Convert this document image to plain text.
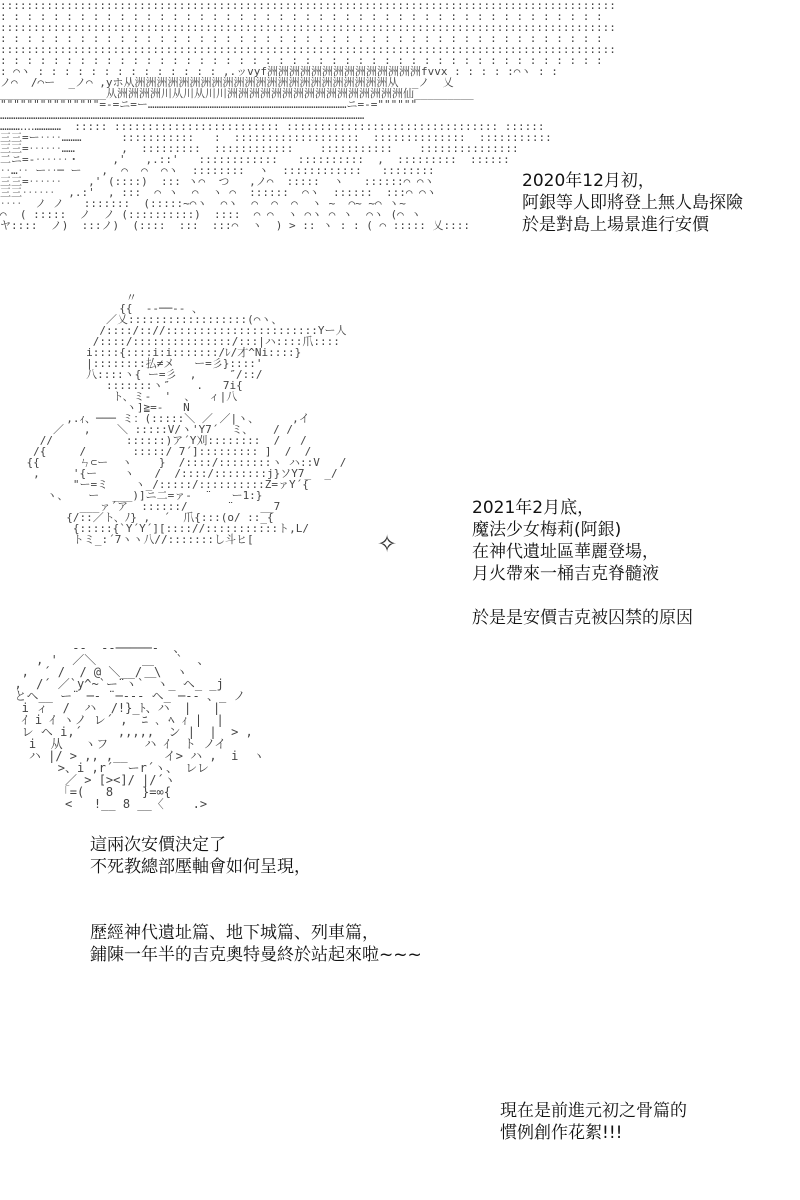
:::::::::::::::::::::::::::::::::::::::::::::::::::::::::::::::::::::::::::::::::::::::::::::
: : : : : : : : : : : : : : : : : : : : : : : : : : : : : : : : : : : : : : : : : : : : : :
:::::::::::::::::::::::::::::::::::::::::::::::::::::::::::::::::::::::::::::::::::::::::::::
: : : : : : : : : : : : : : : : : : : : : : : : : : : : : : : : : : : : : : : : : : : : : :
:::::::::::::::::::::::::::::::::::::::::::::::::::::::::::::::::::::::::::::::::::::::::::::
: : : : : : : : : : : : : : : : : : : : : : : : : : : : : : : : : : : : : : : : : : : : : :
: ⌒ヽ : : : : : : : : : : : : : : ,.ッvyf洲洲洲洲洲洲洲洲洲洲洲洲洲洲fvvx : : : : :⌒ヽ : :
ノ⌒  /⌒ー  _ノ⌒ ,yホ从洲洲洲洲洲洲洲洲洲洲洲洲洲洲洲洲洲洲洲洲洲洲洲从  _ノ  乂
________________从洲洲洲洲川从川从川川洲洲洲洲洲洲洲洲洲洲洲洲洲洲洲洲仙_________
"""""""""""""""=-=ニ=ー………………………………………………………………………………ニ=-=""""""
…………………………………………………………………………………………………………………………………………………
………‥‥…………  ::::: ::::::::::::::::::::::::: :::::::::::::::::::::::::::::::: ::::::
三三=ー‥‥………      :::::::::::   :  :::::::::::::::::::  ::::::::::::::  :::::::::::
三三=‥‥‥……       ,  :::::::::  ::::::::::::    :::::::::::    :::::::::::::::
二ニ=-‥‥‥・     ,'   ,.::'   ::::::::::::   ::::::::::  ,  :::::::::  ::::::
‥…‥ ー‥─ ー   ,  ⌒  ⌒  ⌒ヽ  ::::::::  ヽ  ::::::::::::   ::::::::
三三=‥‥‥    ,' (::::)  ::: ヽ⌒  つ   ,ノ⌒  :::::  ヽ   ::::::⌒ ⌒ヽ
三三‥‥‥  ,.:'  , :::  ⌒ ヽ  ⌒  ヽ ⌒  ::::::  ⌒ヽ  ::::::  :::⌒ ⌒ヽ
‥‥  ノ ノ   :::::::  (:::::~⌒ヽ  ⌒ヽ  ⌒  ⌒  ⌒  ヽ ~  ⌒~ ~⌒ ヽ~
⌒  ( :::::  ノ  ノ (::::::::::)  ::::  ⌒ ⌒  ヽ ⌒ヽ ⌒ ヽ  ⌒ヽ (⌒ ヽ
ヤ::::  ノ)  :::ノ)  (::::  :::  :::⌒  ヽ  ) > :: ヽ : : ( ⌒ ::::: 乂::::
2020年12月初，
阿銀等人即將登上無人島探險
於是對島上場景進行安價
〃
{{  -‐──‐- 、
／乂::::::::::::::::::(⌒ヽ、
/::::/:://:::::::::::::::::::::::Yー人
/::::/:::::::::::::::/:::|ハ::::爪::::
i::::{::::i:i:::::::/ﾚ/才^Ni::::}
|::::::::払≠メ   ー=彡}::::'
八::::ヽ{ ー=彡  ,     ″/::/
:::::::ヽ″    .   7i{
ト、ミ-  '  、  ィ|八
ヽ]≧=-   N
,.ｨ、─── ミ：(:::::＼ ／ ／|ヽ、     ,イ
／   ,    ＼ :::::V/ヽ'Y7´  ミ、   / /
//           ::::::)ア´Y刈::::::::  /   /
/{     /       :::::/ 7´]::::::::: ]  /  /
{{      ㄣ⊂ー  ヽ    }  /::::/::::::::ヽ ハ::V   /
,     '{ー    ヽ   /  /::::/::::::::j}ソY7_  _/
"ー=ミ    ヽ_/:::::/::::::::::Z=ァY´{
ヽ、   ー  ___)]ニ二=ァ-  ¨   ー1:}
___ァ´ア  ::::::/      ¨    __7
{/::／ト、ﾉ} ,  ´  爪{:::(o/ ::_{
{:::::{`Y´Y´][:::://:::::::::::ト,L/
トミ_:´7ヽヽ八//:::::::し斗ヒ[	✧
2021年2月底，
魔法少女梅莉(阿銀)
在神代遺址區華麗登場，
月火帶來一桶吉克脊髓液
於是是安價吉克被囚禁的原因
這兩次安價決定了
不死教總部壓軸會如何呈現，
歷經神代遺址篇、地下城篇、列車篇，
鋪陳一年半的吉克奧特曼終於站起來啦~~~
--  ‐‐─────-  、
, '  ／＼           `  、
,  ´ /  / @ ＼__/￣\  ヽ
,  /´ ／`y^~`ー¨ヽ`￣ヽ_ ヘ_ _j
とヘ__ ー¨ ─‐ ¨─--- ヘ_ ─-- 、_ ノ
i ィ  /  ハ  /!}_ﾄ、ハ  |   |
ｲ i ｲ ヽノ レ´ ,  ﾆ ､ ﾍ ｨ |  |
レ ヘ i,´     ,,,,,  ン |  |  > ,
i  从   ヽフ     ハ ｲ  ト ノイ
ハ |/ > ,, ,__     イ> ハ ,  i  ヽ
>、i ,r´  ーr´ヽ、 レレ
／ > [><]/ |/´ヽ
「=(   8    }=∞{
<   !__ 8 __〈    .>
現在是前進元初之骨篇的
慣例創作花絮!!!
